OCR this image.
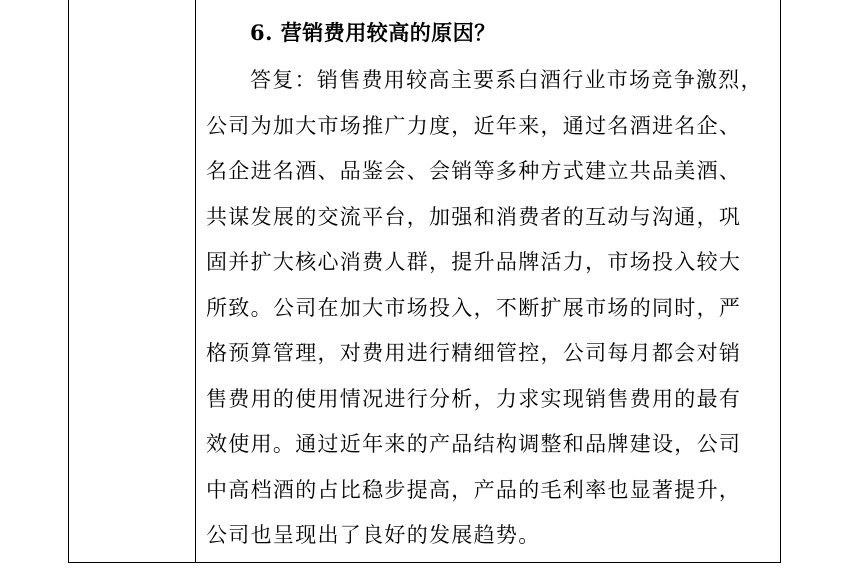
6. 营销费用较高的原因？
答复：销售费用较高主要系白酒行业市场竞争激烈，
公司为加大市场推广力度，近年来，通过名酒进名企、
名企进名酒、品鉴会、会销等多种方式建立共品美酒、
共谋发展的交流平台，加强和消费者的互动与沟通，巩
固并扩大核心消费人群，提升品牌活力，市场投入较大
所致。公司在加大市场投入，不断扩展市场的同时，严
格预算管理，对费用进行精细管控，公司每月都会对销
售费用的使用情况进行分析，力求实现销售费用的最有
效使用。通过近年来的产品结构调整和品牌建设，公司
中高档酒的占比稳步提高，产品的毛利率也显著提升，
公司也呈现出了良好的发展趋势。
